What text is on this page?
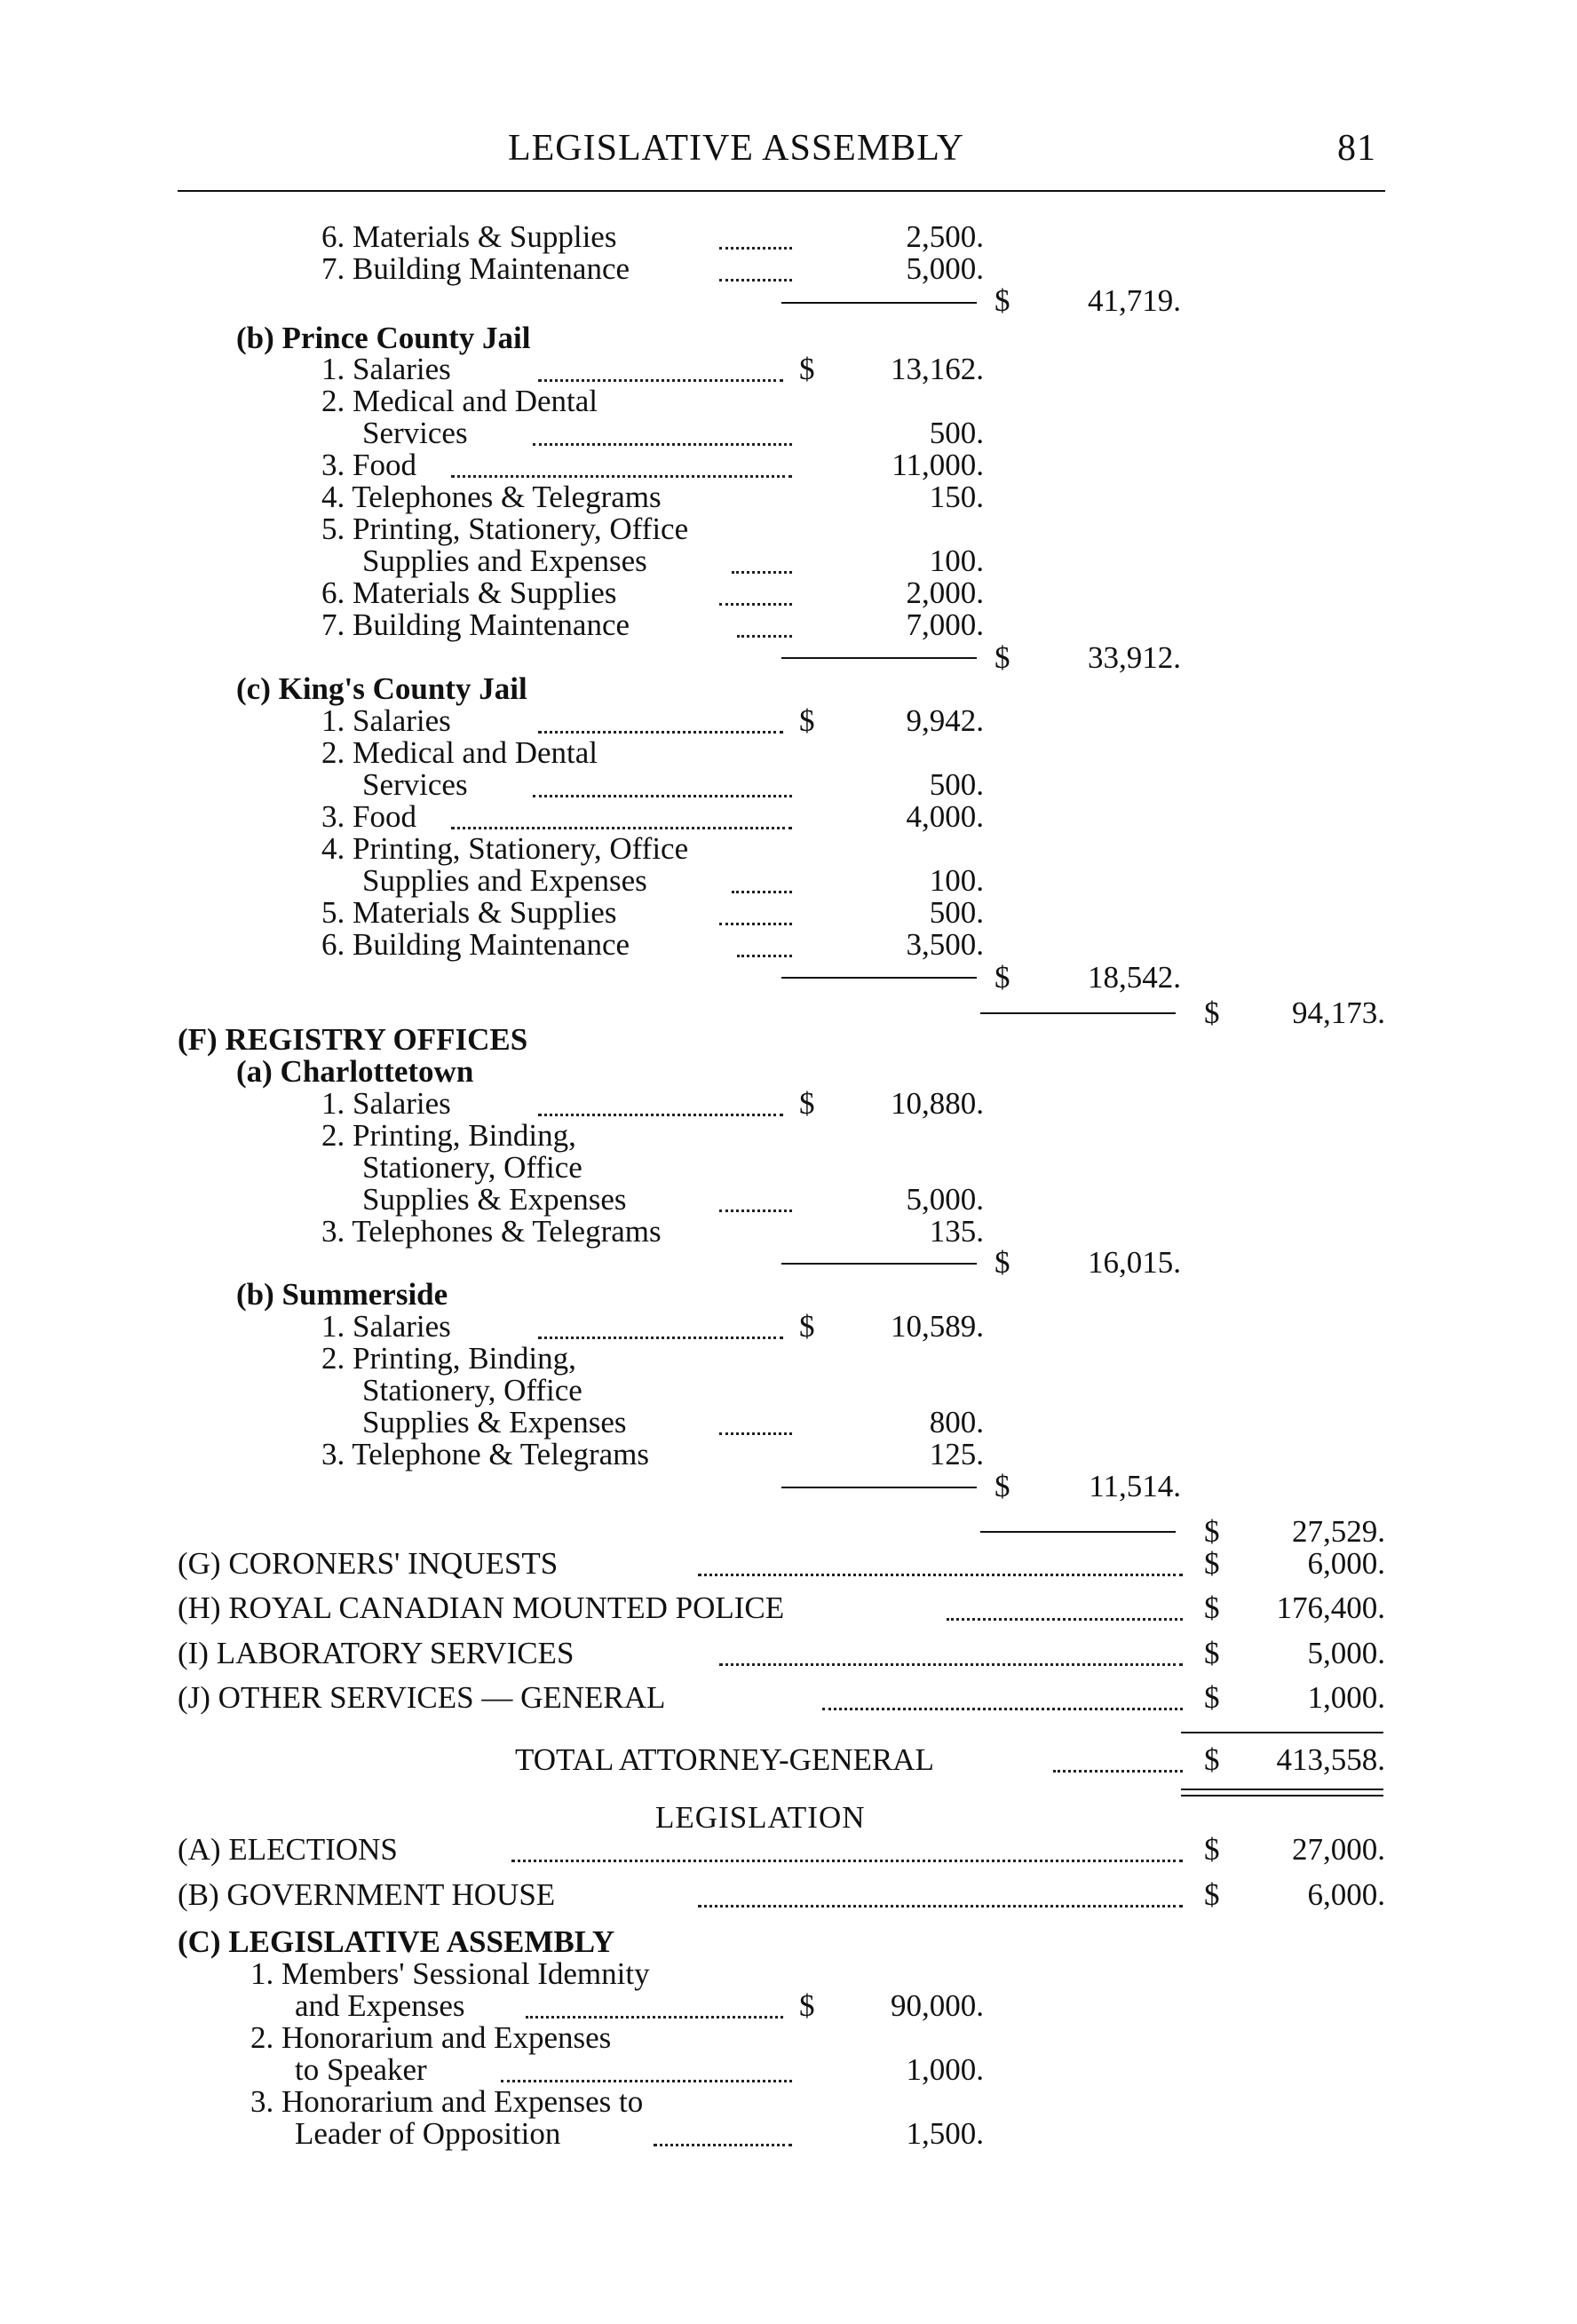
LEGISLATIVE ASSEMBLY	81
6. Materials & Supplies	2,500.
7. Building Maintenance	5,000.
$	41,719.
(b) Prince County Jail
1. Salaries	$	13,162.
2. Medical and Dental
Services	500.
3. Food	11,000.
4. Telephones & Telegrams	150.
5. Printing, Stationery, Office
Supplies and Expenses	100.
6. Materials & Supplies	2,000.
7. Building Maintenance	7,000.
$	33,912.
(c) King's County Jail
1. Salaries	$	9,942.
2. Medical and Dental
Services	500.
3. Food	4,000.
4. Printing, Stationery, Office
Supplies and Expenses	100.
5. Materials & Supplies	500.
6. Building Maintenance	3,500.
$	18,542.
$	94,173.
(F) REGISTRY OFFICES
(a) Charlottetown
1. Salaries	$	10,880.
2. Printing, Binding,
Stationery, Office
Supplies & Expenses	5,000.
3. Telephones & Telegrams	135.
$	16,015.
(b) Summerside
1. Salaries	$	10,589.
2. Printing, Binding,
Stationery, Office
Supplies & Expenses	800.
3. Telephone & Telegrams	125.
$	11,514.
$	27,529.
(G) CORONERS' INQUESTS	$	6,000.
(H) ROYAL CANADIAN MOUNTED POLICE	$	176,400.
(I) LABORATORY SERVICES	$	5,000.
(J) OTHER SERVICES — GENERAL	$	1,000.
TOTAL ATTORNEY-GENERAL	$	413,558.
LEGISLATION
(A) ELECTIONS	$	27,000.
(B) GOVERNMENT HOUSE	$	6,000.
(C) LEGISLATIVE ASSEMBLY
1. Members' Sessional Idemnity
and Expenses	$	90,000.
2. Honorarium and Expenses
to Speaker	1,000.
3. Honorarium and Expenses to
Leader of Opposition	1,500.
